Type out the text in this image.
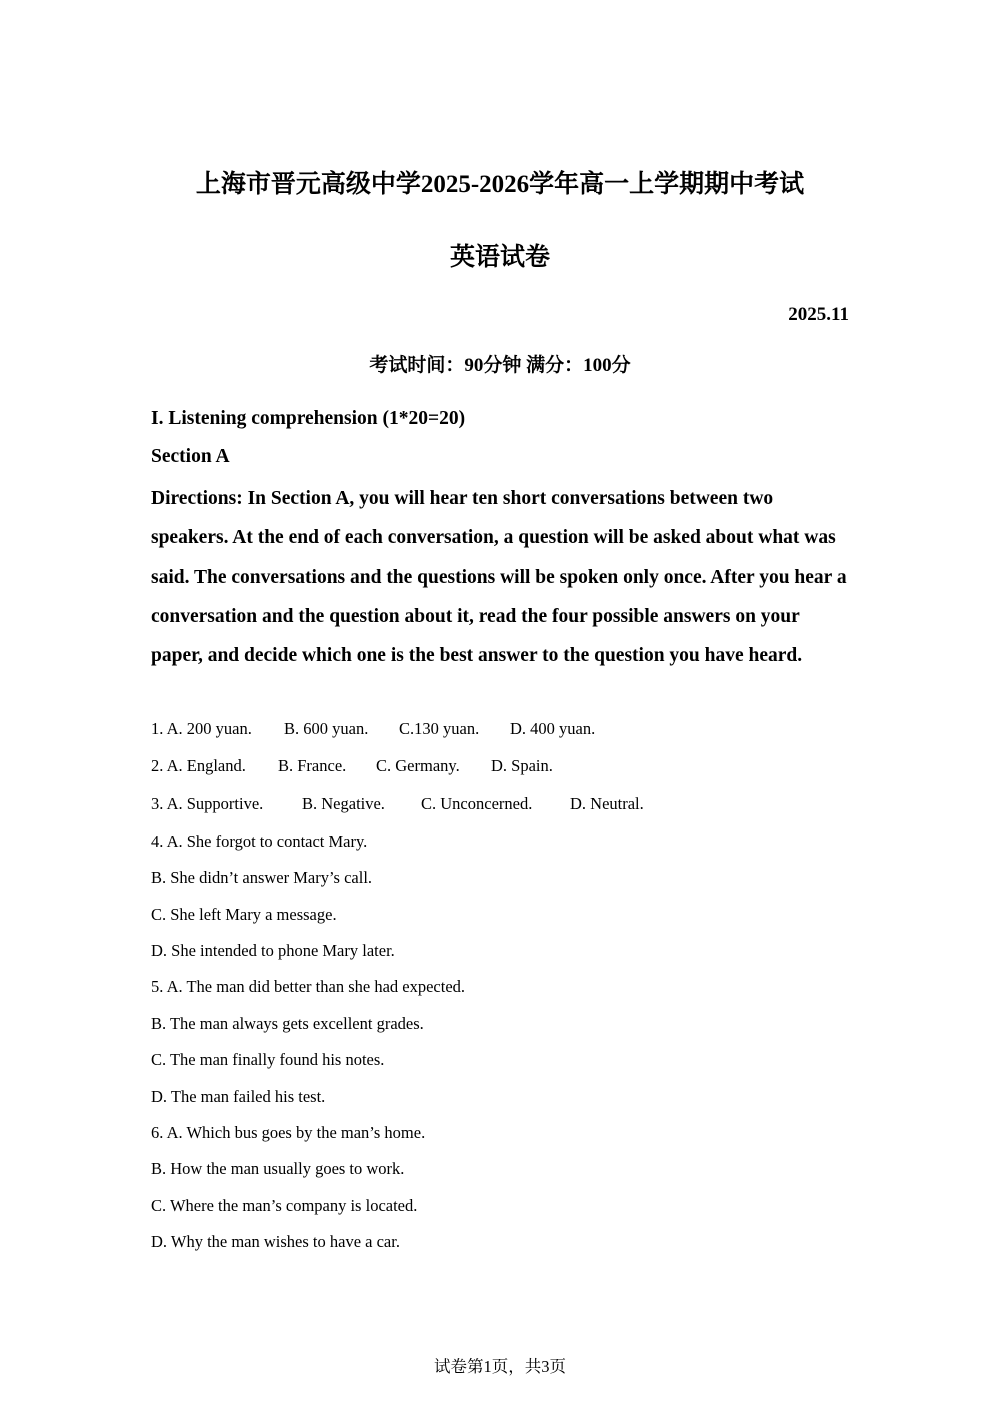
上海市晋元高级中学2025-2026学年高一上学期期中考试
英语试卷
2025.11
考试时间：90分钟 满分：100分
I. Listening comprehension (1*20=20)
Section A
Directions: In Section A, you will hear ten short conversations between two speakers. At the end of each conversation, a question will be asked about what was said. The conversations and the questions will be spoken only once. After you hear a conversation and the question about it, read the four possible answers on your paper, and decide which one is the best answer to the question you have heard.
1. A. 200 yuan. B. 600 yuan. C.130 yuan. D. 400 yuan.
2. A. England. B. France. C. Germany. D. Spain.
3. A. Supportive. B. Negative. C. Unconcerned. D. Neutral.
4. A. She forgot to contact Mary.
B. She didn’t answer Mary’s call.
C. She left Mary a message.
D. She intended to phone Mary later.
5. A. The man did better than she had expected.
B. The man always gets excellent grades.
C. The man finally found his notes.
D. The man failed his test.
6. A. Which bus goes by the man’s home.
B. How the man usually goes to work.
C. Where the man’s company is located.
D. Why the man wishes to have a car.
试卷第1页，共3页
